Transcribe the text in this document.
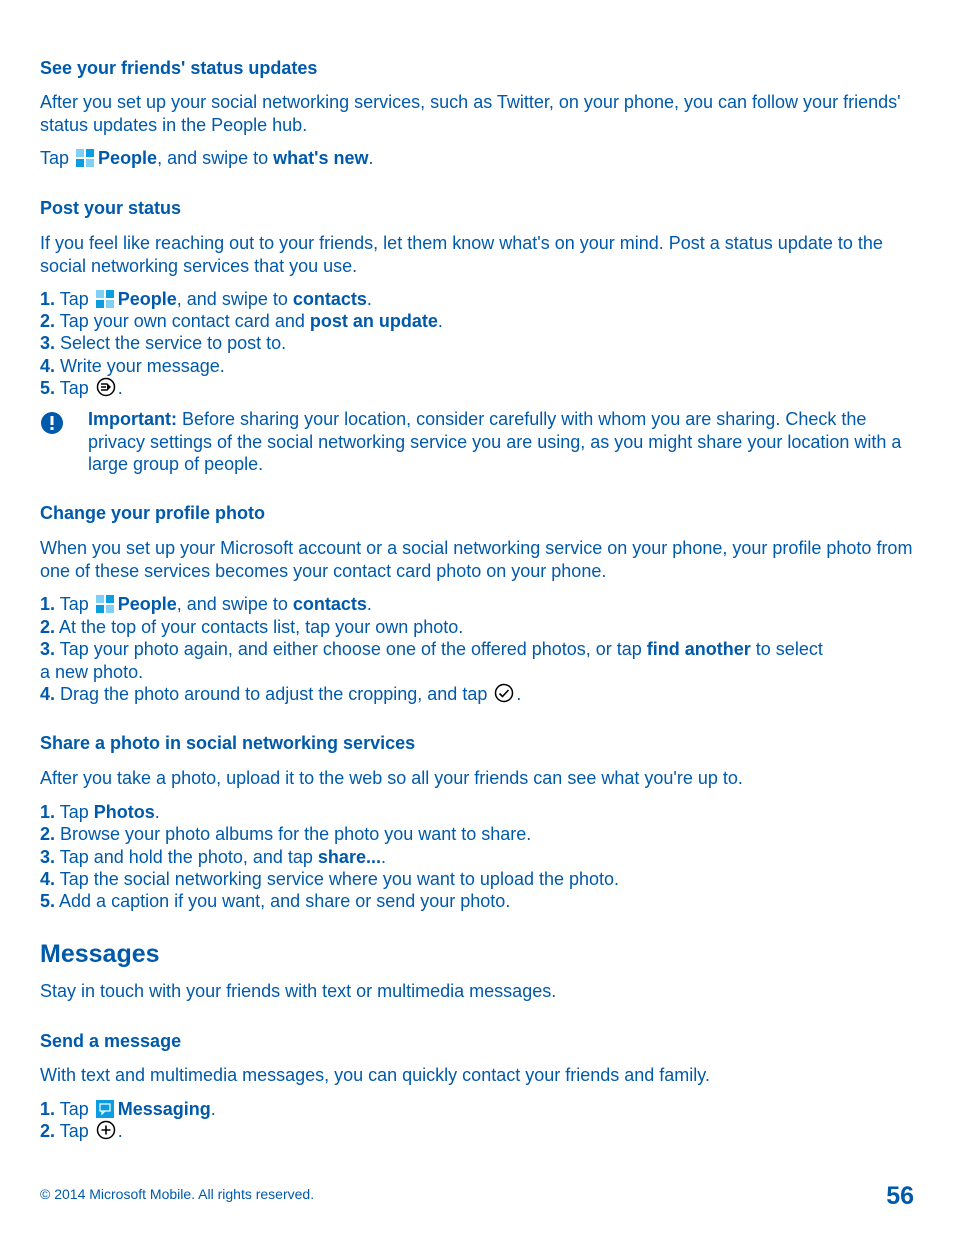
See your friends' status updates
After you set up your social networking services, such as Twitter, on your phone, you can follow your friends' status updates in the People hub.
Tap People, and swipe to what's new.
Post your status
If you feel like reaching out to your friends, let them know what's on your mind. Post a status update to the social networking services that you use.
1. Tap People, and swipe to contacts.
2. Tap your own contact card and post an update.
3. Select the service to post to.
4. Write your message.
5. Tap .
Important: Before sharing your location, consider carefully with whom you are sharing. Check the privacy settings of the social networking service you are using, as you might share your location with a large group of people.
Change your profile photo
When you set up your Microsoft account or a social networking service on your phone, your profile photo from one of these services becomes your contact card photo on your phone.
1. Tap People, and swipe to contacts.
2. At the top of your contacts list, tap your own photo.
3. Tap your photo again, and either choose one of the offered photos, or tap find another to select
a new photo.
4. Drag the photo around to adjust the cropping, and tap .
Share a photo in social networking services
After you take a photo, upload it to the web so all your friends can see what you're up to.
1. Tap Photos.
2. Browse your photo albums for the photo you want to share.
3. Tap and hold the photo, and tap share....
4. Tap the social networking service where you want to upload the photo.
5. Add a caption if you want, and share or send your photo.
Messages
Stay in touch with your friends with text or multimedia messages.
Send a message
With text and multimedia messages, you can quickly contact your friends and family.
1. Tap Messaging.
2. Tap .
© 2014 Microsoft Mobile. All rights reserved.	56
